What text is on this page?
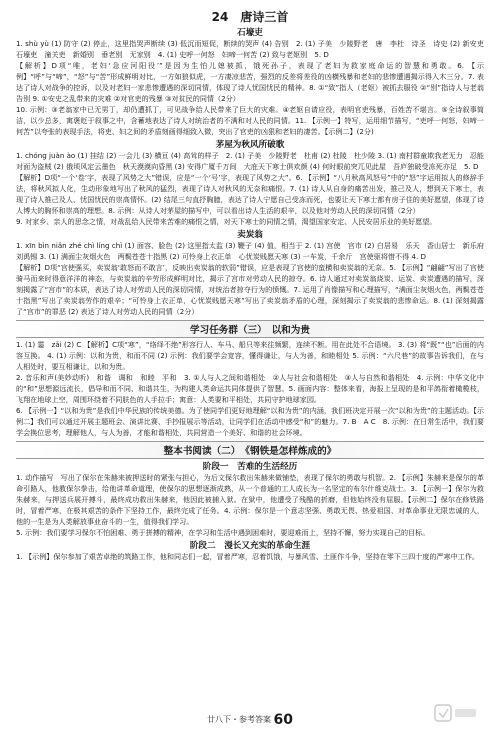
24　唐诗三首
石壕吏

1. shù yù (1) 防守 (2) 停止，这里指哭声断续 (3) 低沉而短促，断续的哭声 (4) 告别　2. (1) 子美　少陵野老　唐　李杜　诗圣　诗史 (2) 新安吏　石壕吏　潼关吏　新婚别　垂老别　无家别　4. (1) 史呼一何怒　妇啼一何苦 (2) 致与老妪别　5. D

【解析】D项“唯，老妇‘急应河阳役’”是因为生怕儿媳被抓，饿死孙子，表现了老妇为救家庭命运的智慧和勇敢。6. 【示例】“呼”与“啼”，“怒”与“苦”形成鲜明对比，一方如狼似虎，一方凄凉悲苦，强烈的反差将差役的凶横残暴和老妇的悲惨遭遇揭示得入木三分。7. 表达了诗人对战争的控诉，以及对老妇一家悲惨遭遇的深切同情，体现了诗人忧国忧民的精神。8. ①“致”指人（老妪）被抓去服役 ②“别”指诗人与老翁告别 9. ①安史之乱带来的灾难 ②对官吏的残暴 ③对贫民的同情（2分）

10. 示例：③老翁家中已无男丁，却仍遭抓丁，可见战争给人民带来了巨大的灾难。④老妪自请应役，表明官吏残暴，百姓苦不堪言。⑤全诗叙事简洁，以少总多，寓褒贬于叙事之中，含蓄地表达了诗人对统治者的不满和对人民的同情。11. 【示例一】特写，运用细节描写，“吏呼一何怒，妇啼一何苦”以夸张的表现手法，将吏、妇之间的矛盾刻画得细致入微，突出了官吏的凶狠和老妇的凄苦。【示例二】(2分)

茅屋为秋风所破歌

1. chóng juàn ào (1) 挂结 (2) 一会儿 (3) 横亘 (4) 高耸的样子　2. (1) 子美　少陵野老　杜甫 (2) 杜陵　杜少陵 3. (1) 南村群童欺我老无力　忍能对面为盗贼 (2) 俄顷风定云墨色　秋天漠漠向昏黑 (3) 安得广厦千万间　大庇天下寒士俱欢颜 (4) 何时眼前突兀见此屋　吾庐独破受冻死亦足　5. D

【解析】D项“一个‘卷’字，表现了风势之大”错误，应是“一个‘号’字，表现了风势之大”。6. 【示例】“八月秋高风怒号”中的“怒”字运用拟人的修辞手法，将秋风拟人化，生动形象地写出了秋风的猛烈，表现了诗人对秋风的无奈和痛恨。7. (1) 诗人从自身的痛苦出发，推己及人，想到天下寒士，表现了诗人推己及人、忧国忧民的崇高情怀。(2) 结尾三句直抒胸臆，表达了诗人宁愿自己受冻而死，也要让天下寒士都有房子住的美好愿望，体现了诗人博大的胸怀和崇高的理想。8. 示例：从诗人对茅屋的描写中，可以看出诗人生活的艰辛，以及他对劳动人民的深切同情（2分）

9. 对家乡、亲人的思念之情，对战乱给人民带来苦难的痛恨之情，对天下寒士的同情之情，渴望国家安定、人民安居乐业的美好愿望。

卖炭翁

1. xīn bìn niǎn zhé chì líng chì (1) 面容、脸色 (2) 这里指太监 (3) 鞭子 (4) 值，相当于 2. (1) 宫使　宫市 (2) 白居易　乐天　香山居士　新乐府　刘禹锡 3. (1) 满面尘灰烟火色　两鬓苍苍十指黑 (2) 可怜身上衣正单　心忧炭贱愿天寒 (3) 一车炭，千余斤　宫使驱将惜不得 4. D

【解析】D项“宫使强买，卖炭翁‘敢怒而不敢言’，反映出卖炭翁的软弱”错误，应是表现了宫使的蛮横和卖炭翁的无奈。5. 【示例】“翩翩”写出了宫使骑马而来时得意洋洋的神态，与卖炭翁的辛劳形成鲜明对比，揭示了宫市对劳动人民的掠夺。6. 诗人通过对卖炭翁烧炭、运炭、卖炭遭遇的描写，深刻揭露了“宫市”的本质，表达了诗人对劳动人民的深切同情，对统治者掠夺行为的愤慨。7. 运用了肖像描写和心理描写，“满面尘灰烟火色，两鬓苍苍十指黑”写出了卖炭翁劳作的艰辛；“可怜身上衣正单，心忧炭贱愿天寒”写出了卖炭翁矛盾的心理，深刻揭示了卖炭翁的悲惨命运。8. (1) 深刻揭露了“宫市”的罪恶 (2) 表达了诗人对劳动人民的同情（2分）

学习任务群（三）　以和为贵

1. (1) 霎　zǎi (2) C 【解析】C项“寒”，“络绎不绝”形容行人、车马、船只等来往频繁，连续不断。用在此处不合语境。 3. (3) 将“既”“也”后面的内容互换。 4. (1) 示例：以和为贵，和而不同 (2) 示例：我们要学会宽容，懂得谦让，与人为善，和睦相处 5. 示例：“六尺巷”的故事告诉我们，在与人相处时，要互相谦让，以和为贵。

2. 音乐和声(美妙动听)　和谐　调和　和睦　平和　3. ①人与人之间和谐相处　②人与社会和谐相处　③人与自然和谐相处　4. 示例：中华文化中的“和”思想源远流长，倡导和而不同、和谐共生，为构建人类命运共同体提供了智慧。5. 画面内容：整体来看，海报上呈现的是和平鸽衔着橄榄枝，飞翔在地球上空，周围环绕着不同肤色的人手拉手；寓意：人类要和平相处，共同守护地球家园。

6. 【示例一】“以和为贵”是我们中华民族的传统美德。为了使同学们更好地理解“以和为贵”的内涵，我们班决定开展一次“以和为贵”的主题活动。【示例二】我们可以通过开展主题班会、演讲比赛、手抄报展示等活动，让同学们在活动中感受“和”的魅力。7. B　A C　8. 示例：在日常生活中，我们要学会换位思考，理解他人，与人为善，才能和谐相处，共同营造一个美好、和谐的社会环境。

整本书阅读（二）　《钢铁是怎样炼成的》
阶段一　苦难的生活经历

1. 动作描写　写出了保尔在朱赫来被押送时的紧张与担心，为后文保尔救出朱赫来做铺垫，表现了保尔的勇敢与机智。2. 【示例】朱赫来是保尔的革命引路人，他教保尔拳击，给他讲革命道理，使保尔的思想逐渐成熟，从一个普通的工人成长为一名坚定的布尔什维克战士。3. 【示例一】保尔为救朱赫来，与押送兵展开搏斗，最终成功救出朱赫来，他因此被捕入狱。在狱中，他遭受了残酷的折磨，但他始终没有屈服。【示例二】保尔在修铁路时，冒着严寒，在极其艰苦的条件下坚持工作，最终完成了任务。4. 示例：保尔是一个意志坚强、勇敢无畏、热爱祖国、对革命事业无限忠诚的人，他的一生是为人类解放事业奋斗的一生，值得我们学习。

5. 示例：我们要学习保尔不怕困难、勇于拼搏的精神，在学习和生活中遇到困难时，要迎难而上，坚持不懈，努力实现自己的目标。

阶段二　漫长又充实的革命生涯

1. 【示例】保尔参加了艰苦卓绝的筑路工作，他和同志们一起，冒着严寒，忍着饥饿，与暴风雪、土匪作斗争，坚持在零下三四十度的严寒中工作。

廿八下・参考答案 60
